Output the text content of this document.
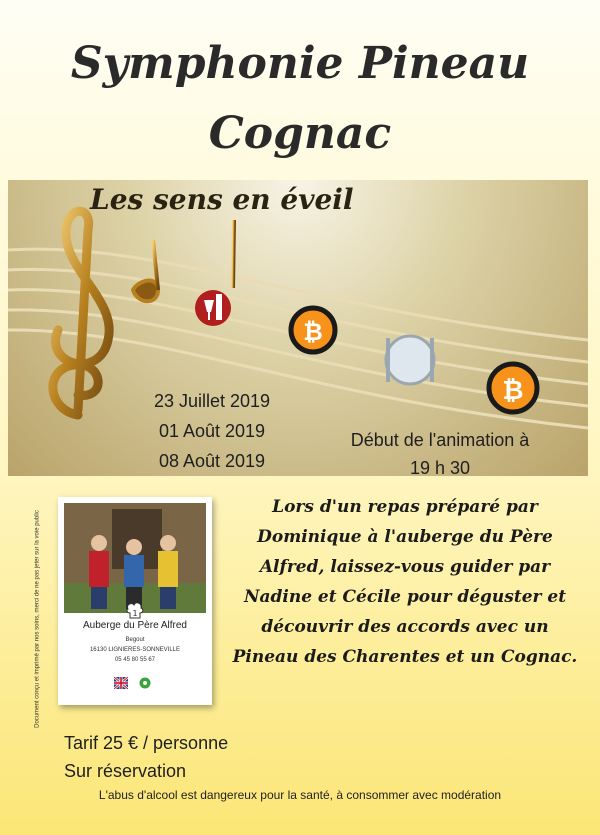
Symphonie Pineau
Cognac
₿
₿
Les sens en éveil
23 Juillet 2019
01 Août 2019
08 Août 2019
Début de l'animation à
19 h 30
Document conçu et imprimé par nos soins, merci de ne pas jeter sur la voie public	1
Auberge du Père Alfred
Begout
16130 LIGNIERES-SONNEVILLE
05 45 80 55 67
Lors d'un repas préparé par Dominique à l'auberge du Père Alfred, laissez-vous guider par Nadine et Cécile pour déguster et découvrir des accords avec un Pineau des Charentes et un Cognac.
Tarif 25 € / personne
Sur réservation
L'abus d'alcool est dangereux pour la santé, à consommer avec modération
